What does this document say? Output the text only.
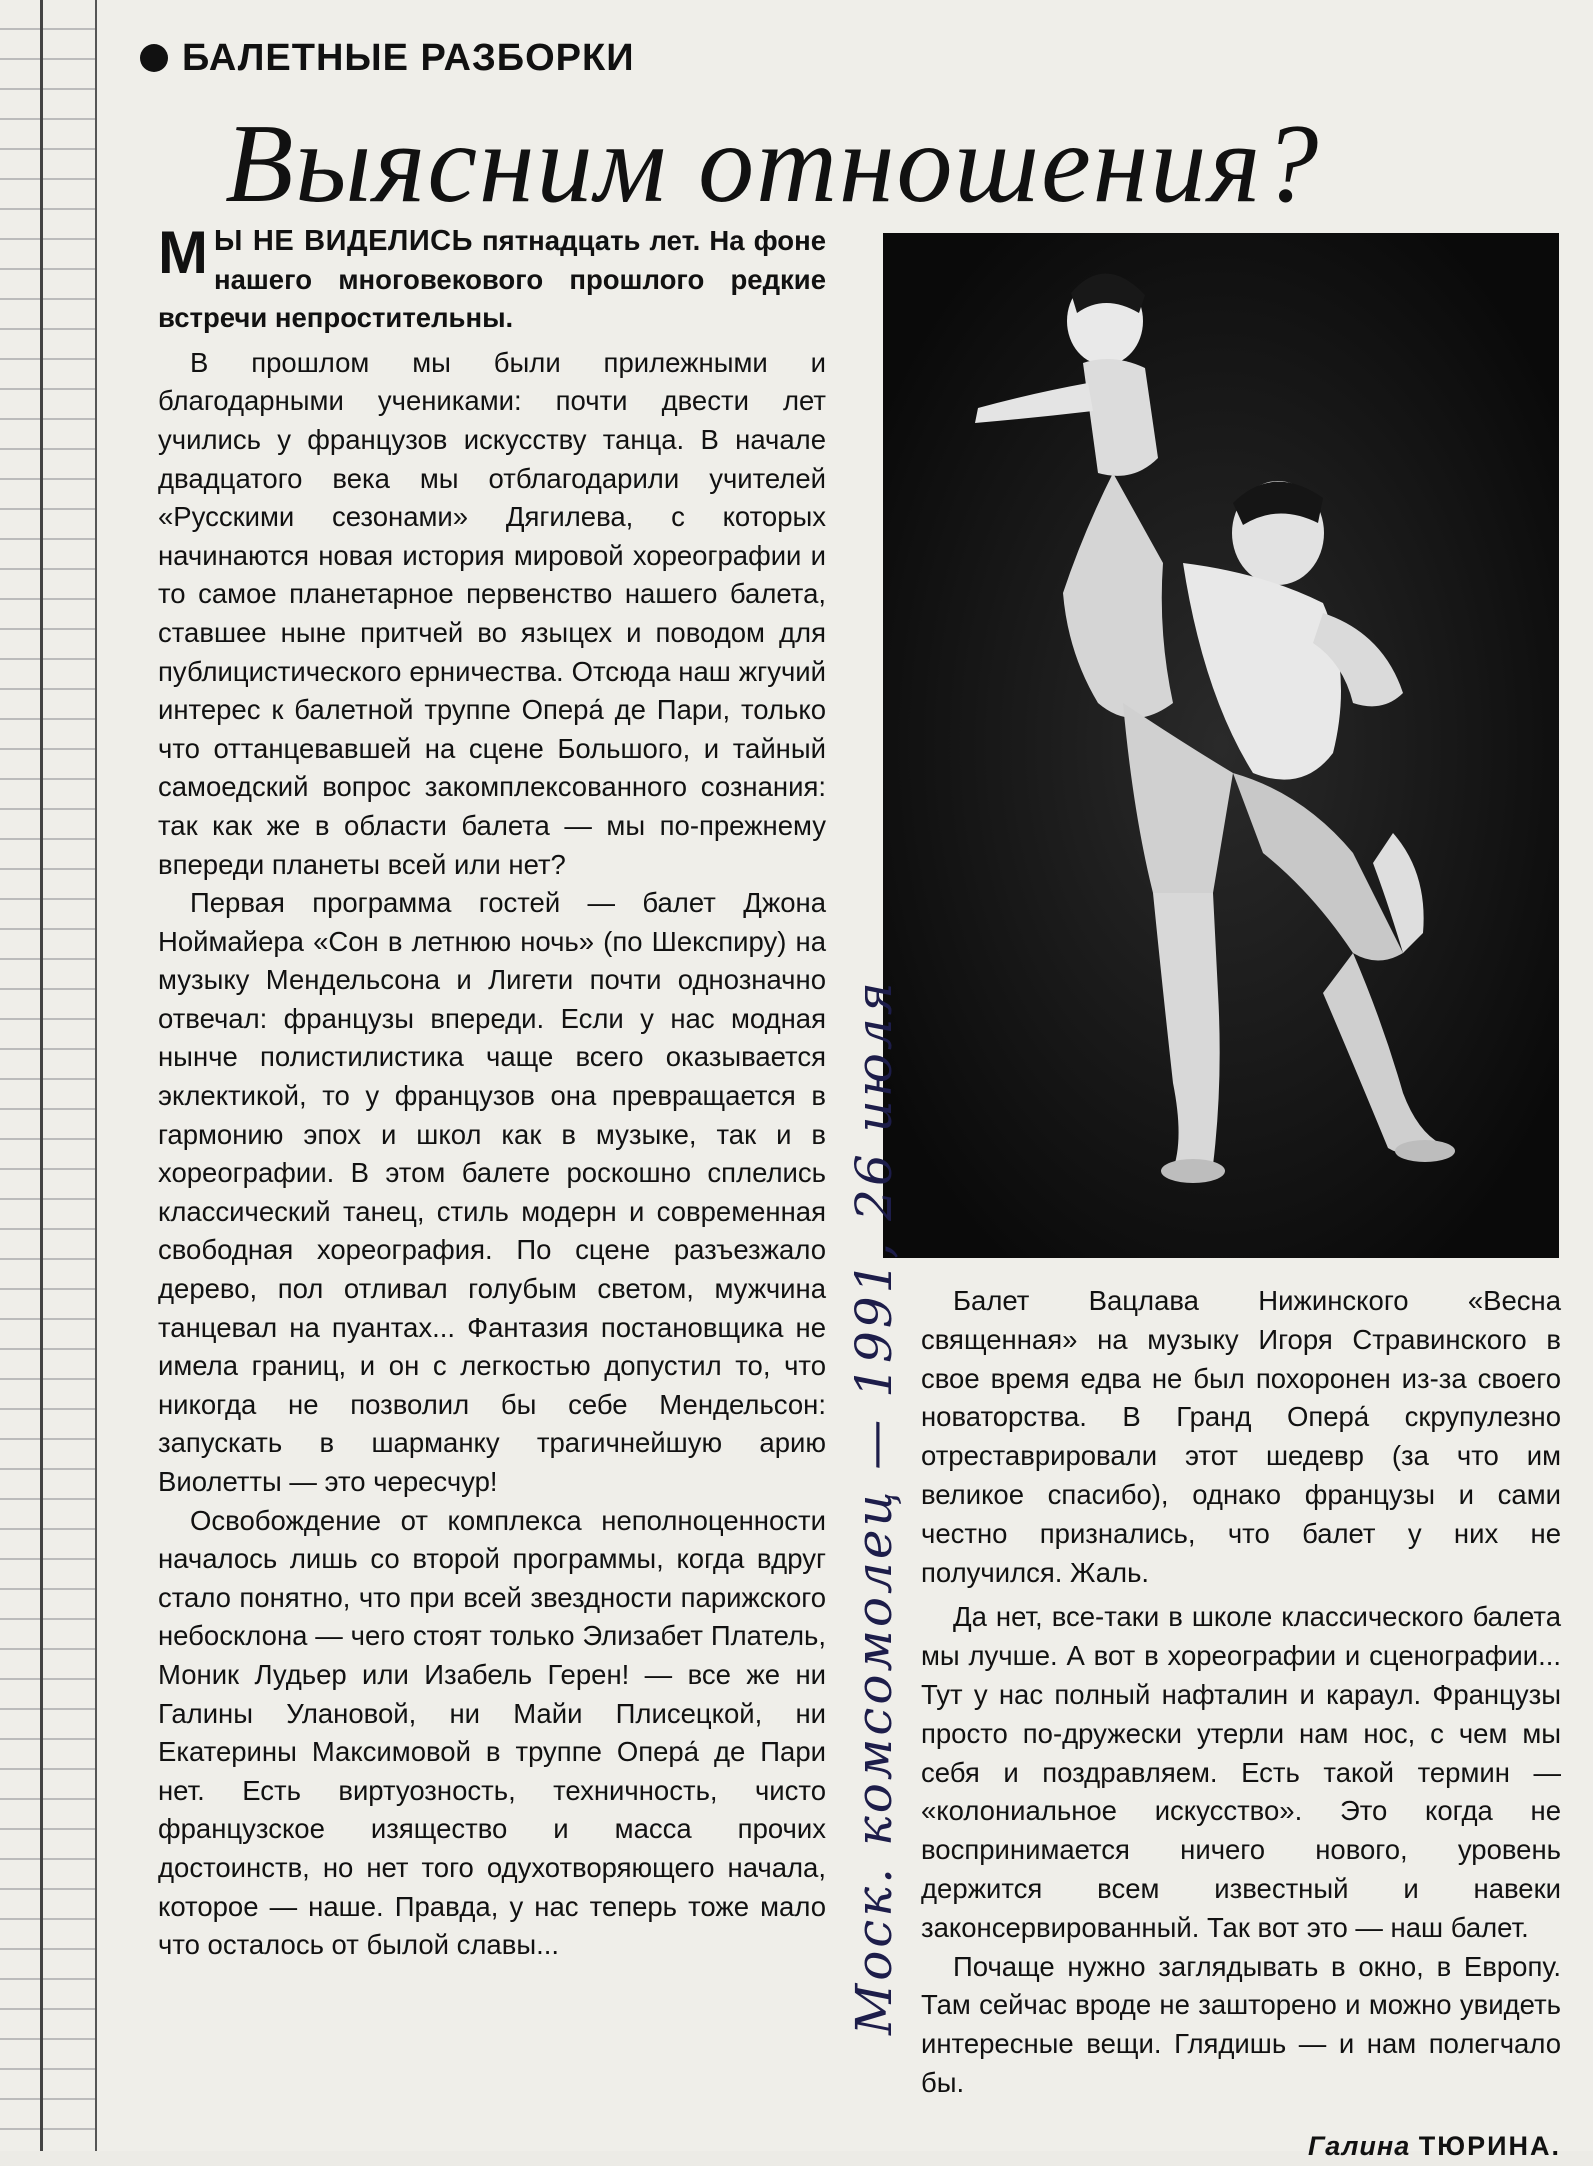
БАЛЕТНЫЕ РАЗБОРКИ
Выясним отношения?

М Ы НЕ ВИДЕЛИСЬ пятнадцать лет. На фоне нашего многовекового прошлого редкие встречи непростительны.

В прошлом мы были прилежными и благодарными учениками: почти двести лет учились у французов искусству танца. В начале двадцатого века мы отблагодарили учителей «Русскими сезонами» Дягилева, с которых начинаются новая история мировой хореографии и то самое планетарное первенство нашего балета, ставшее ныне притчей во языцех и поводом для публицистического ерничества. Отсюда наш жгучий интерес к балетной труппе Опера́ де Пари, только что оттанцевавшей на сцене Большого, и тайный самоедский вопрос закомплексованного сознания: так как же в области балета — мы по-прежнему впереди планеты всей или нет?

Первая программа гостей — балет Джона Ноймайера «Сон в летнюю ночь» (по Шекспиру) на музыку Мендельсона и Лигети почти однозначно отвечал: французы впереди. Если у нас модная нынче полистилистика чаще всего оказывается эклектикой, то у французов она превращается в гармонию эпох и школ как в музыке, так и в хореографии. В этом балете роскошно сплелись классический танец, стиль модерн и современная свободная хореография. По сцене разъезжало дерево, пол отливал голубым светом, мужчина танцевал на пуантах... Фантазия постановщика не имела границ, и он с легкостью допустил то, что никогда не позволил бы себе Мендельсон: запускать в шарманку трагичнейшую арию Виолетты — это чересчур!

Освобождение от комплекса неполноценности началось лишь со второй программы, когда вдруг стало понятно, что при всей звездности парижского небосклона — чего стоят только Элизабет Платель, Моник Лудьер или Изабель Герен! — все же ни Галины Улановой, ни Майи Плисецкой, ни Екатерины Максимовой в труппе Опера́ де Пари нет. Есть виртуозность, техничность, чисто французское изящество и масса прочих достоинств, но нет того одухотворяющего начала, которое — наше. Правда, у нас теперь тоже мало что осталось от былой славы...

Балет Вацлава Нижинского «Весна священная» на музыку Игоря Стравинского в свое время едва не был похоронен из-за своего новаторства. В Гранд Опера́ скрупулезно отреставрировали этот шедевр (за что им великое спасибо), однако французы и сами честно признались, что балет у них не получился. Жаль.

Да нет, все-таки в школе классического балета мы лучше. А вот в хореографии и сценографии... Тут у нас полный нафталин и караул. Французы просто по-дружески утерли нам нос, с чем мы себя и поздравляем. Есть такой термин — «колониальное искусство». Это когда не воспринимается ничего нового, уровень держится всем известный и навеки законсервированный. Так вот это — наш балет.

Почаще нужно заглядывать в окно, в Европу. Там сейчас вроде не зашторено и можно увидеть интересные вещи. Глядишь — и нам полегчало бы.

Галина ТЮРИНА.
Моск. комсомолец — 1991, 26 июля
